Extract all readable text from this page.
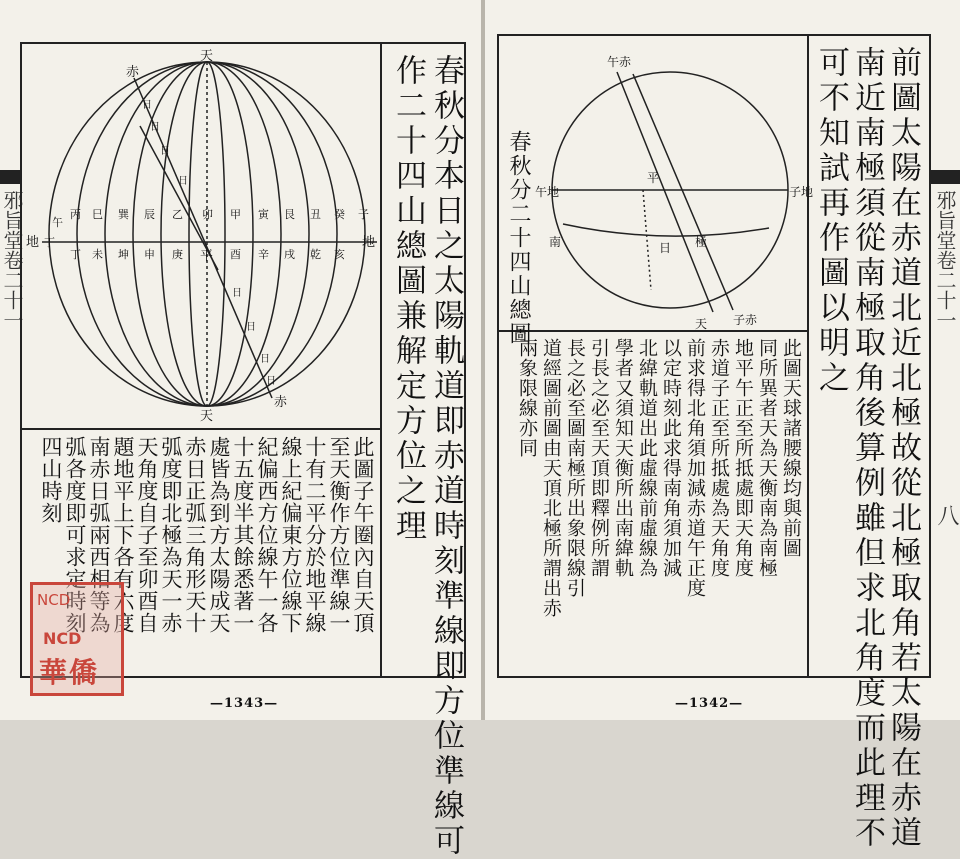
邪旨堂卷二十一	春秋分本日之太陽軌道即赤道時刻準線即方位準線可
作二十四山總圖兼解定方位之理
天
天
赤
赤
平
地	地
子
癸
丑
艮
寅
甲
卯
乙
辰
巽
巳
丙
午
丁
亥
乾
戌
辛
酉
庚
申
坤
未
丁
日
日
日
日
日
日
日
日
此圖子午圈內自天頂
至天衡作方位準線一
十有二平分於地平線
線上紀偏東方位線下
紀偏西方位線午一各
十五度半其餘悉著一
處皆為到方太陽成天
赤日正弧三角形天十
弧度即北極為天一赤
天角度自子至卯酉自
題地平上下各有六度
南赤日弧兩西相等為
弧各度即可求定時刻
四山時刻
—1343—
NCD
NCD
華僑
邪旨堂卷二十一
八
前圖太陽在赤道北近北極故從北極取角若太陽在赤道
南近南極須從南極取角後算例雖但求北角度而此理不
可不知試再作圖以明之
春秋分二十四山總圖
午赤
午地	子地
平
日
子赤
天
極
南
此圖天球諸腰線均與前圖
同所異者天為天衡南為南極
地平午正至所抵處即天角度
赤道子正至所抵處為天角度
前求得北角須加減赤道午正度
以定時刻此求得南角須加減
北緯軌道出此虛線前虛線為
學者又須知天衡所出南緯軌
引長之必至天頂即釋例所謂
長之必至圖南極所出象限線引
道經圖前圖由天頂北極所謂出赤
兩象限線亦同
—1342—
